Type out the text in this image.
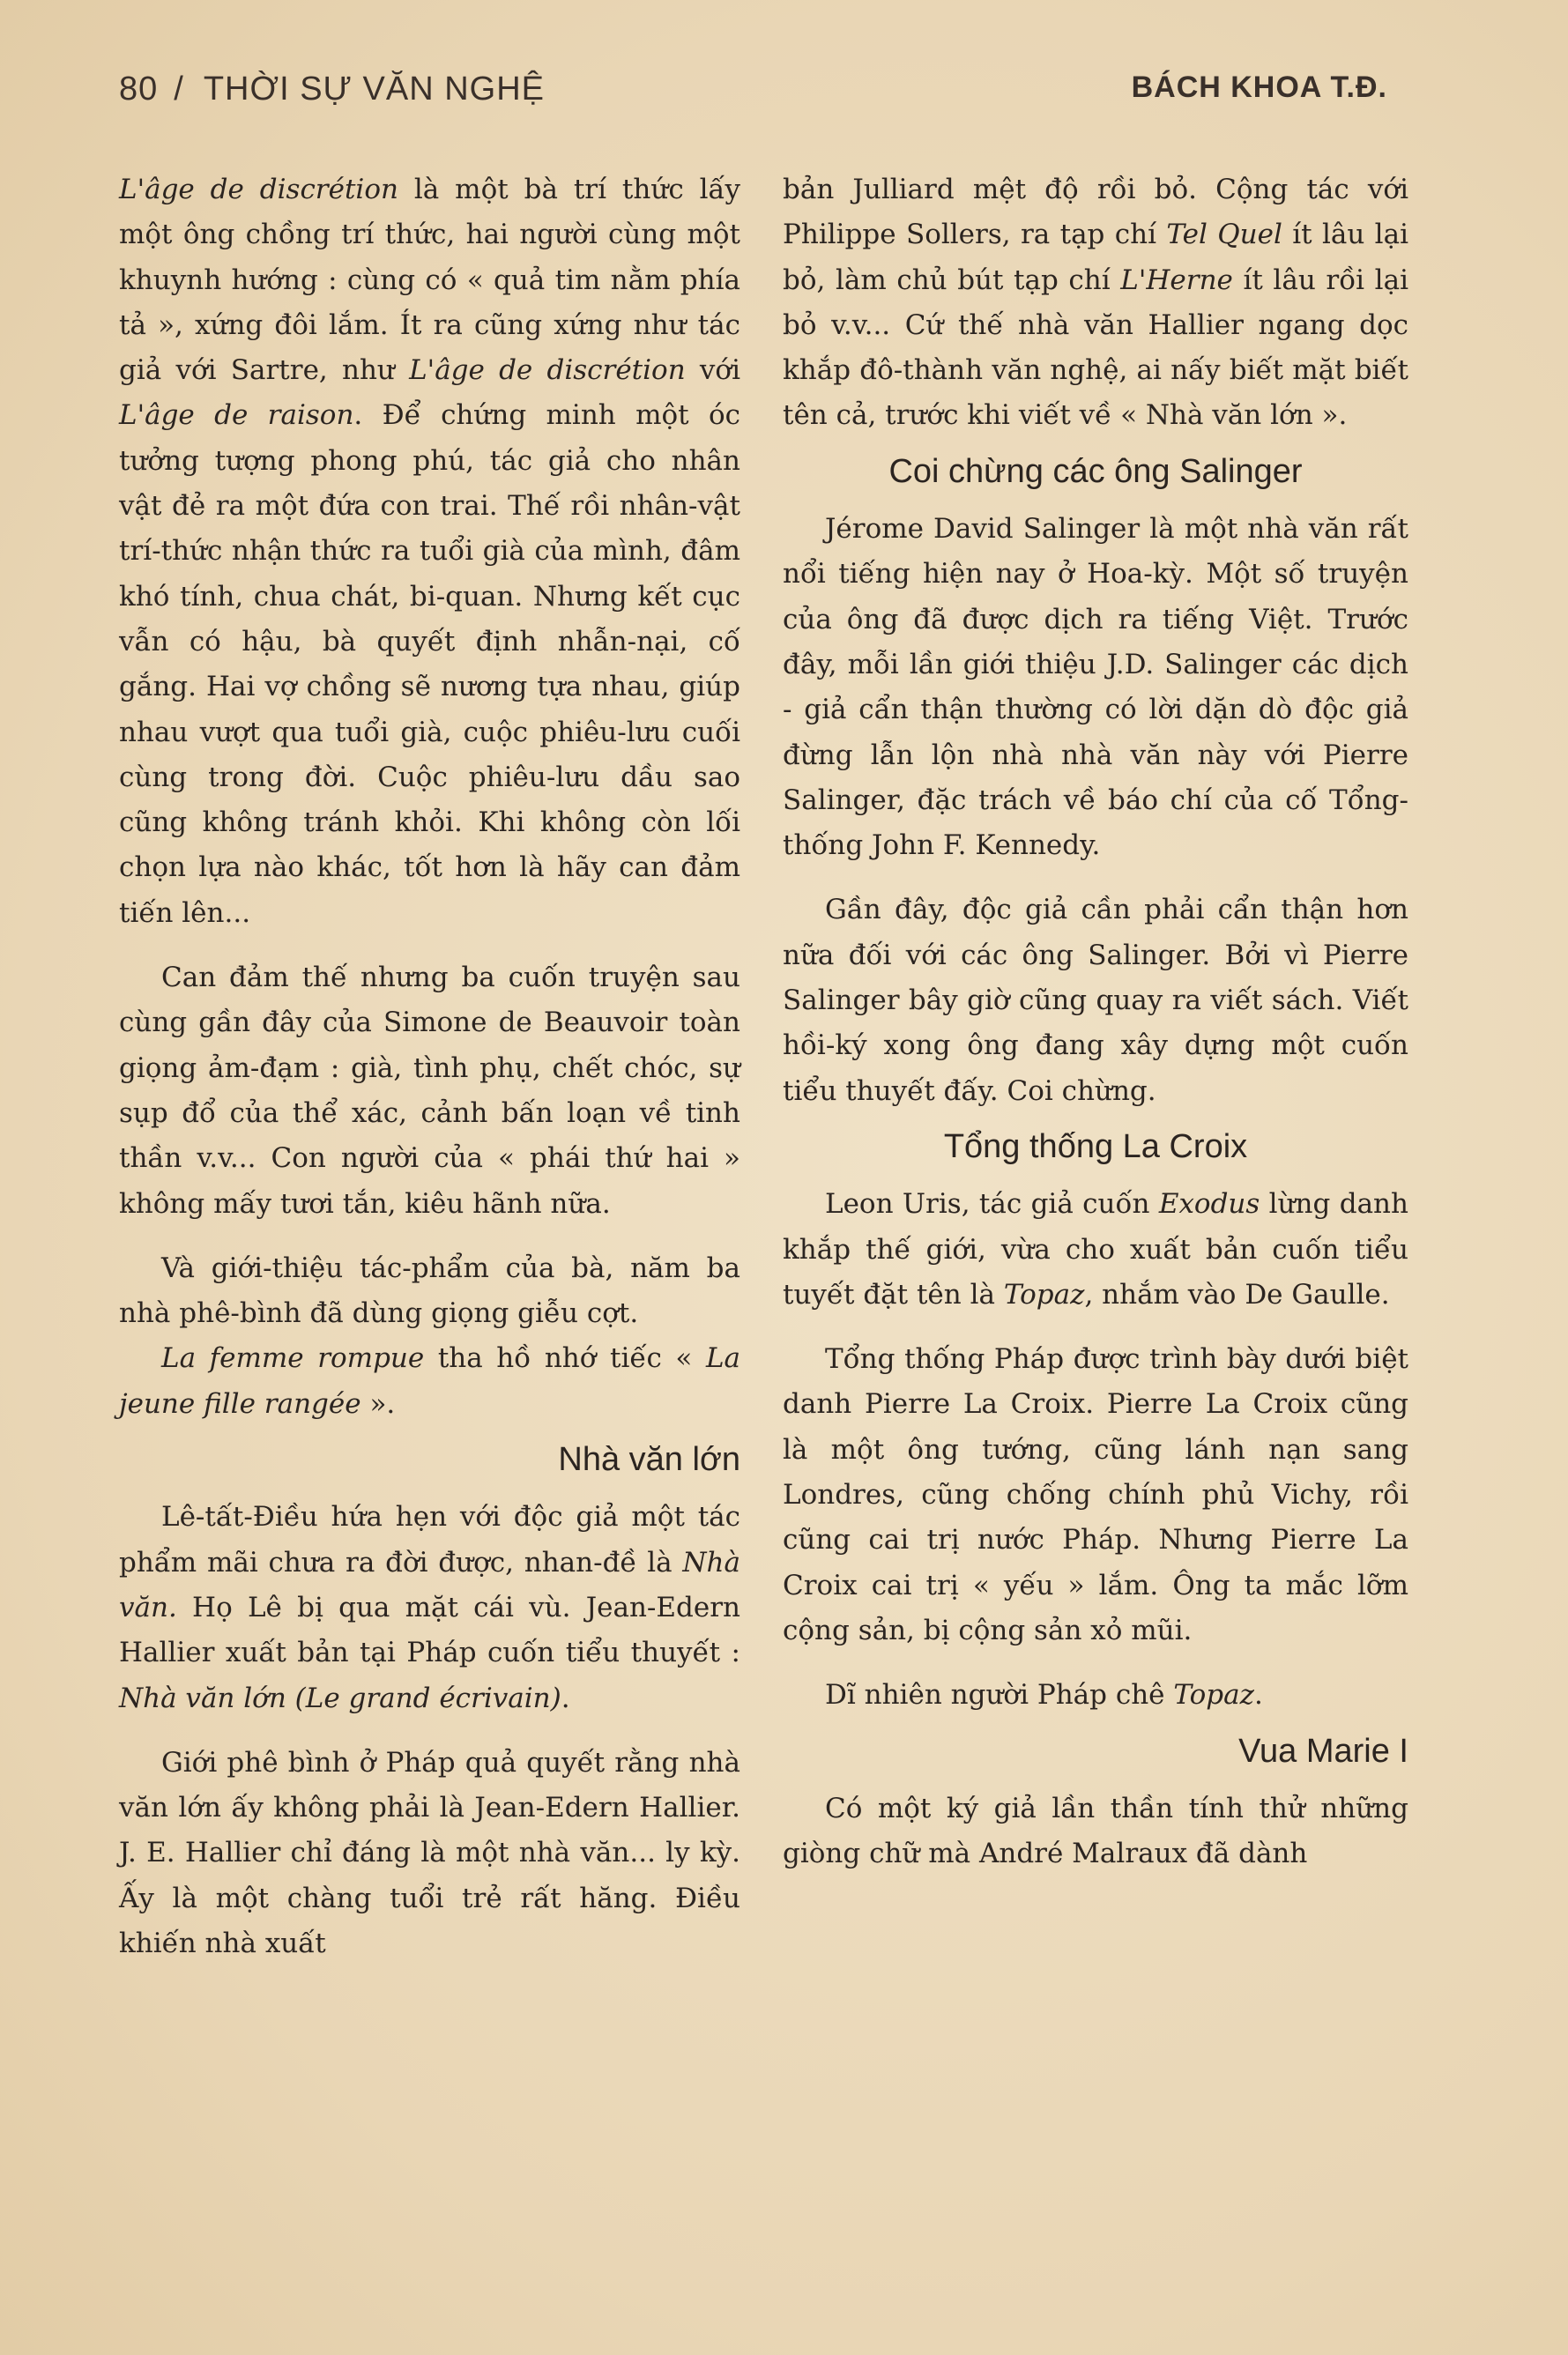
80 / THỜI SỰ VĂN NGHỆ	BÁCH KHOA T.Đ.

L'âge de discrétion là một bà trí thức lấy một ông chồng trí thức, hai người cùng một khuynh hướng : cùng có « quả tim nằm phía tả », xứng đôi lắm. Ít ra cũng xứng như tác giả với Sartre, như L'âge de discrétion với L'âge de raison. Để chứng minh một óc tưởng tượng phong phú, tác giả cho nhân vật đẻ ra một đứa con trai. Thế rồi nhân-vật trí-thức nhận thức ra tuổi già của mình, đâm khó tính, chua chát, bi-quan. Nhưng kết cục vẫn có hậu, bà quyết định nhẫn-nại, cố gắng. Hai vợ chồng sẽ nương tựa nhau, giúp nhau vượt qua tuổi già, cuộc phiêu-lưu cuối cùng trong đời. Cuộc phiêu-lưu dầu sao cũng không tránh khỏi. Khi không còn lối chọn lựa nào khác, tốt hơn là hãy can đảm tiến lên...

Can đảm thế nhưng ba cuốn truyện sau cùng gần đây của Simone de Beauvoir toàn giọng ảm-đạm : già, tình phụ, chết chóc, sự sụp đổ của thể xác, cảnh bấn loạn về tinh thần v.v... Con người của « phái thứ hai » không mấy tươi tắn, kiêu hãnh nữa.

Và giới-thiệu tác-phẩm của bà, năm ba nhà phê-bình đã dùng giọng giễu cợt.

La femme rompue tha hồ nhớ tiếc « La jeune fille rangée ».

Nhà văn lớn

Lê-tất-Điều hứa hẹn với độc giả một tác phẩm mãi chưa ra đời được, nhan-đề là Nhà văn. Họ Lê bị qua mặt cái vù. Jean-Edern Hallier xuất bản tại Pháp cuốn tiểu thuyết : Nhà văn lớn (Le grand écrivain).

Giới phê bình ở Pháp quả quyết rằng nhà văn lớn ấy không phải là Jean-Edern Hallier. J. E. Hallier chỉ đáng là một nhà văn... ly kỳ. Ấy là một chàng tuổi trẻ rất hăng. Điều khiến nhà xuất

bản Julliard mệt độ rồi bỏ. Cộng tác với Philippe Sollers, ra tạp chí Tel Quel ít lâu lại bỏ, làm chủ bút tạp chí L'Herne ít lâu rồi lại bỏ v.v... Cứ thế nhà văn Hallier ngang dọc khắp đô-thành văn nghệ, ai nấy biết mặt biết tên cả, trước khi viết về « Nhà văn lớn ».

Coi chừng các ông Salinger

Jérome David Salinger là một nhà văn rất nổi tiếng hiện nay ở Hoa-kỳ. Một số truyện của ông đã được dịch ra tiếng Việt. Trước đây, mỗi lần giới thiệu J.D. Salinger các dịch - giả cẩn thận thường có lời dặn dò độc giả đừng lẫn lộn nhà nhà văn này với Pierre Salinger, đặc trách về báo chí của cố Tổng-thống John F. Kennedy.

Gần đây, độc giả cần phải cẩn thận hơn nữa đối với các ông Salinger. Bởi vì Pierre Salinger bây giờ cũng quay ra viết sách. Viết hồi-ký xong ông đang xây dựng một cuốn tiểu thuyết đấy. Coi chừng.

Tổng thống La Croix

Leon Uris, tác giả cuốn Exodus lừng danh khắp thế giới, vừa cho xuất bản cuốn tiểu tuyết đặt tên là Topaz, nhắm vào De Gaulle.

Tổng thống Pháp được trình bày dưới biệt danh Pierre La Croix. Pierre La Croix cũng là một ông tướng, cũng lánh nạn sang Londres, cũng chống chính phủ Vichy, rồi cũng cai trị nước Pháp. Nhưng Pierre La Croix cai trị « yếu » lắm. Ông ta mắc lỡm cộng sản, bị cộng sản xỏ mũi.

Dĩ nhiên người Pháp chê Topaz.

Vua Marie I

Có một ký giả lần thần tính thử những giòng chữ mà André Malraux đã dành
